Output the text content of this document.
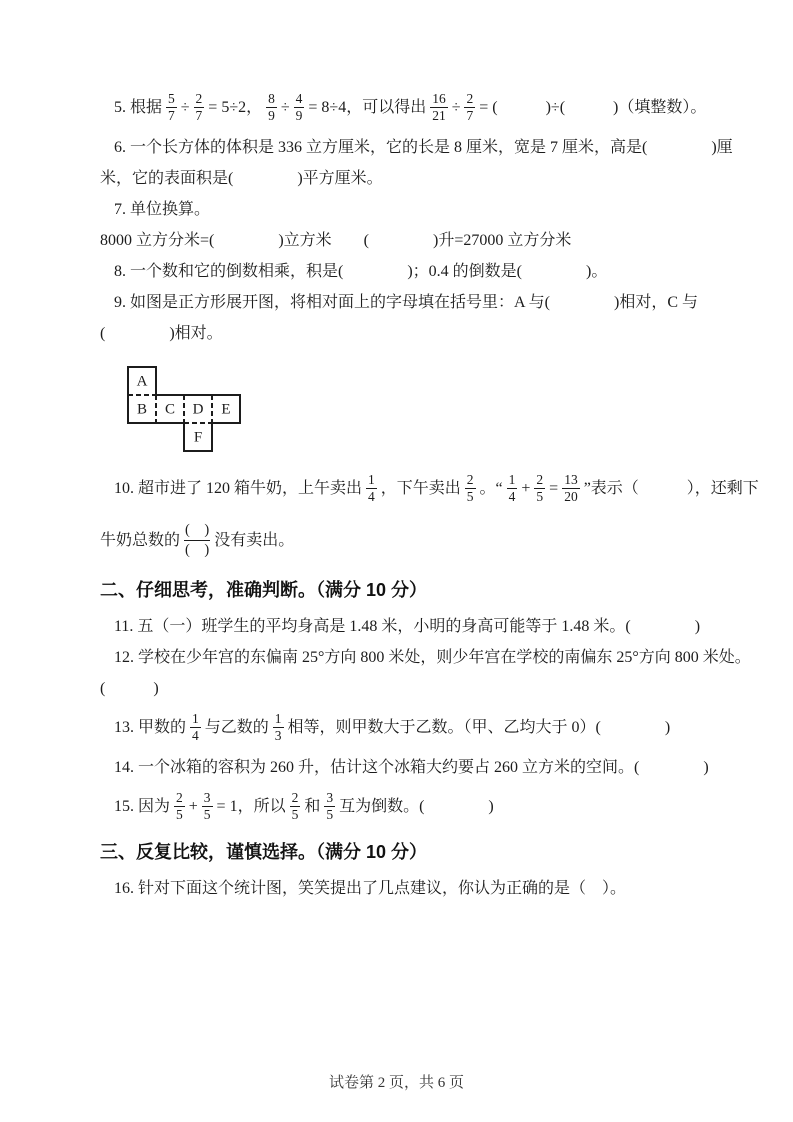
5. 根据 $\frac{5}{7} \div \frac{2}{7} = 5\div 2$， $\frac{8}{9} \div \frac{4}{9} = 8\div 4$，可以得出 $\frac{16}{21} \div \frac{2}{7}$ = (　　　)÷(　　　)（填整数）。
6. 一个长方体的体积是 336 立方厘米，它的长是 8 厘米，宽是 7 厘米，高是(　　　　)厘
米，它的表面积是(　　　　)平方厘米。
7. 单位换算。
8000 立方分米=(　　　　)立方米　　(　　　　)升=27000 立方分米
8. 一个数和它的倒数相乘，积是(　　　　)；0.4 的倒数是(　　　　)。
9. 如图是正方形展开图，将相对面上的字母填在括号里：A 与(　　　　)相对，C 与
(　　　　)相对。
A
B C D E
F
10. 超市进了 120 箱牛奶，上午卖出 $\frac{1}{4}$ ，下午卖出 $\frac{2}{5}$ 。“ $\frac{1}{4} + \frac{2}{5} = \frac{13}{20}$ ”表示（　　　），还剩下
牛奶总数的 $\frac{( )}{( )}$ 没有卖出。
二、仔细思考，准确判断。（满分 10 分）
11. 五（一）班学生的平均身高是 1.48 米，小明的身高可能等于 1.48 米。(　　　　)
12. 学校在少年宫的东偏南 25°方向 800 米处，则少年宫在学校的南偏东 25°方向 800 米处。
(　　　)
13. 甲数的 $\frac{1}{4}$ 与乙数的 $\frac{1}{3}$ 相等，则甲数大于乙数。（甲、乙均大于 0）(　　　　)
14. 一个冰箱的容积为 260 升，估计这个冰箱大约要占 260 立方米的空间。(　　　　)
15. 因为 $\frac{2}{5} + \frac{3}{5} = 1$，所以 $\frac{2}{5}$ 和 $\frac{3}{5}$ 互为倒数。(　　　　)
三、反复比较，谨慎选择。（满分 10 分）
16. 针对下面这个统计图，笑笑提出了几点建议，你认为正确的是（　）。
试卷第 2 页，共 6 页
